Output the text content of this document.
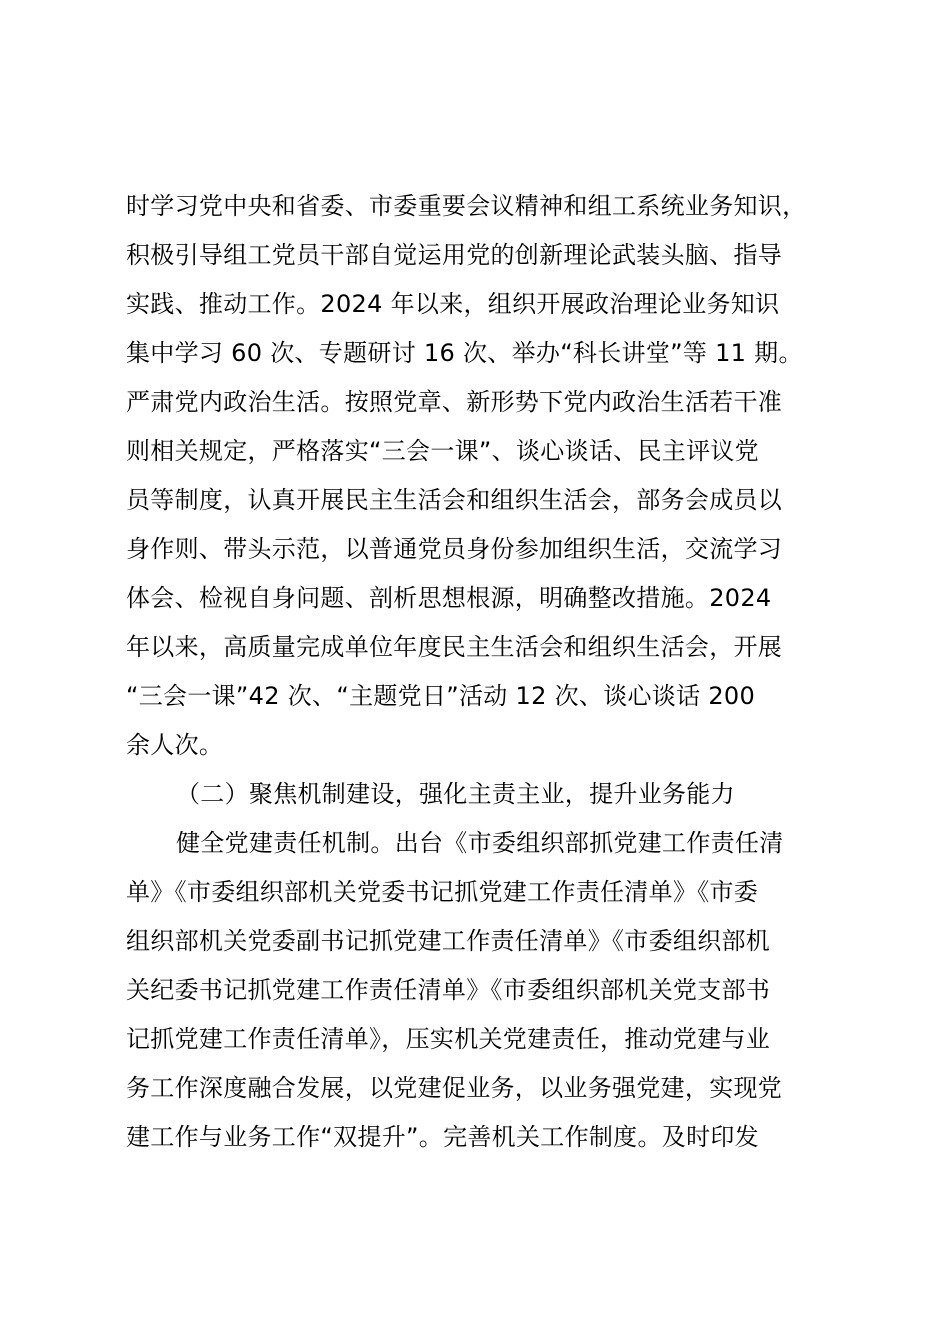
时学习党中央和省委、市委重要会议精神和组工系统业务知识，
积极引导组工党员干部自觉运用党的创新理论武装头脑、指导
实践、推动工作。2024 年以来，组织开展政治理论业务知识
集中学习 60 次、专题研讨 16 次、举办“科长讲堂”等 11 期。
严肃党内政治生活。按照党章、新形势下党内政治生活若干准
则相关规定，严格落实“三会一课”、谈心谈话、民主评议党
员等制度，认真开展民主生活会和组织生活会，部务会成员以
身作则、带头示范，以普通党员身份参加组织生活，交流学习
体会、检视自身问题、剖析思想根源，明确整改措施。2024
年以来，高质量完成单位年度民主生活会和组织生活会，开展
“三会一课”42 次、“主题党日”活动 12 次、谈心谈话 200
余人次。
（二）聚焦机制建设，强化主责主业，提升业务能力
健全党建责任机制。出台《市委组织部抓党建工作责任清
单》《市委组织部机关党委书记抓党建工作责任清单》《市委
组织部机关党委副书记抓党建工作责任清单》《市委组织部机
关纪委书记抓党建工作责任清单》《市委组织部机关党支部书
记抓党建工作责任清单》，压实机关党建责任，推动党建与业
务工作深度融合发展，以党建促业务，以业务强党建，实现党
建工作与业务工作“双提升”。完善机关工作制度。及时印发
